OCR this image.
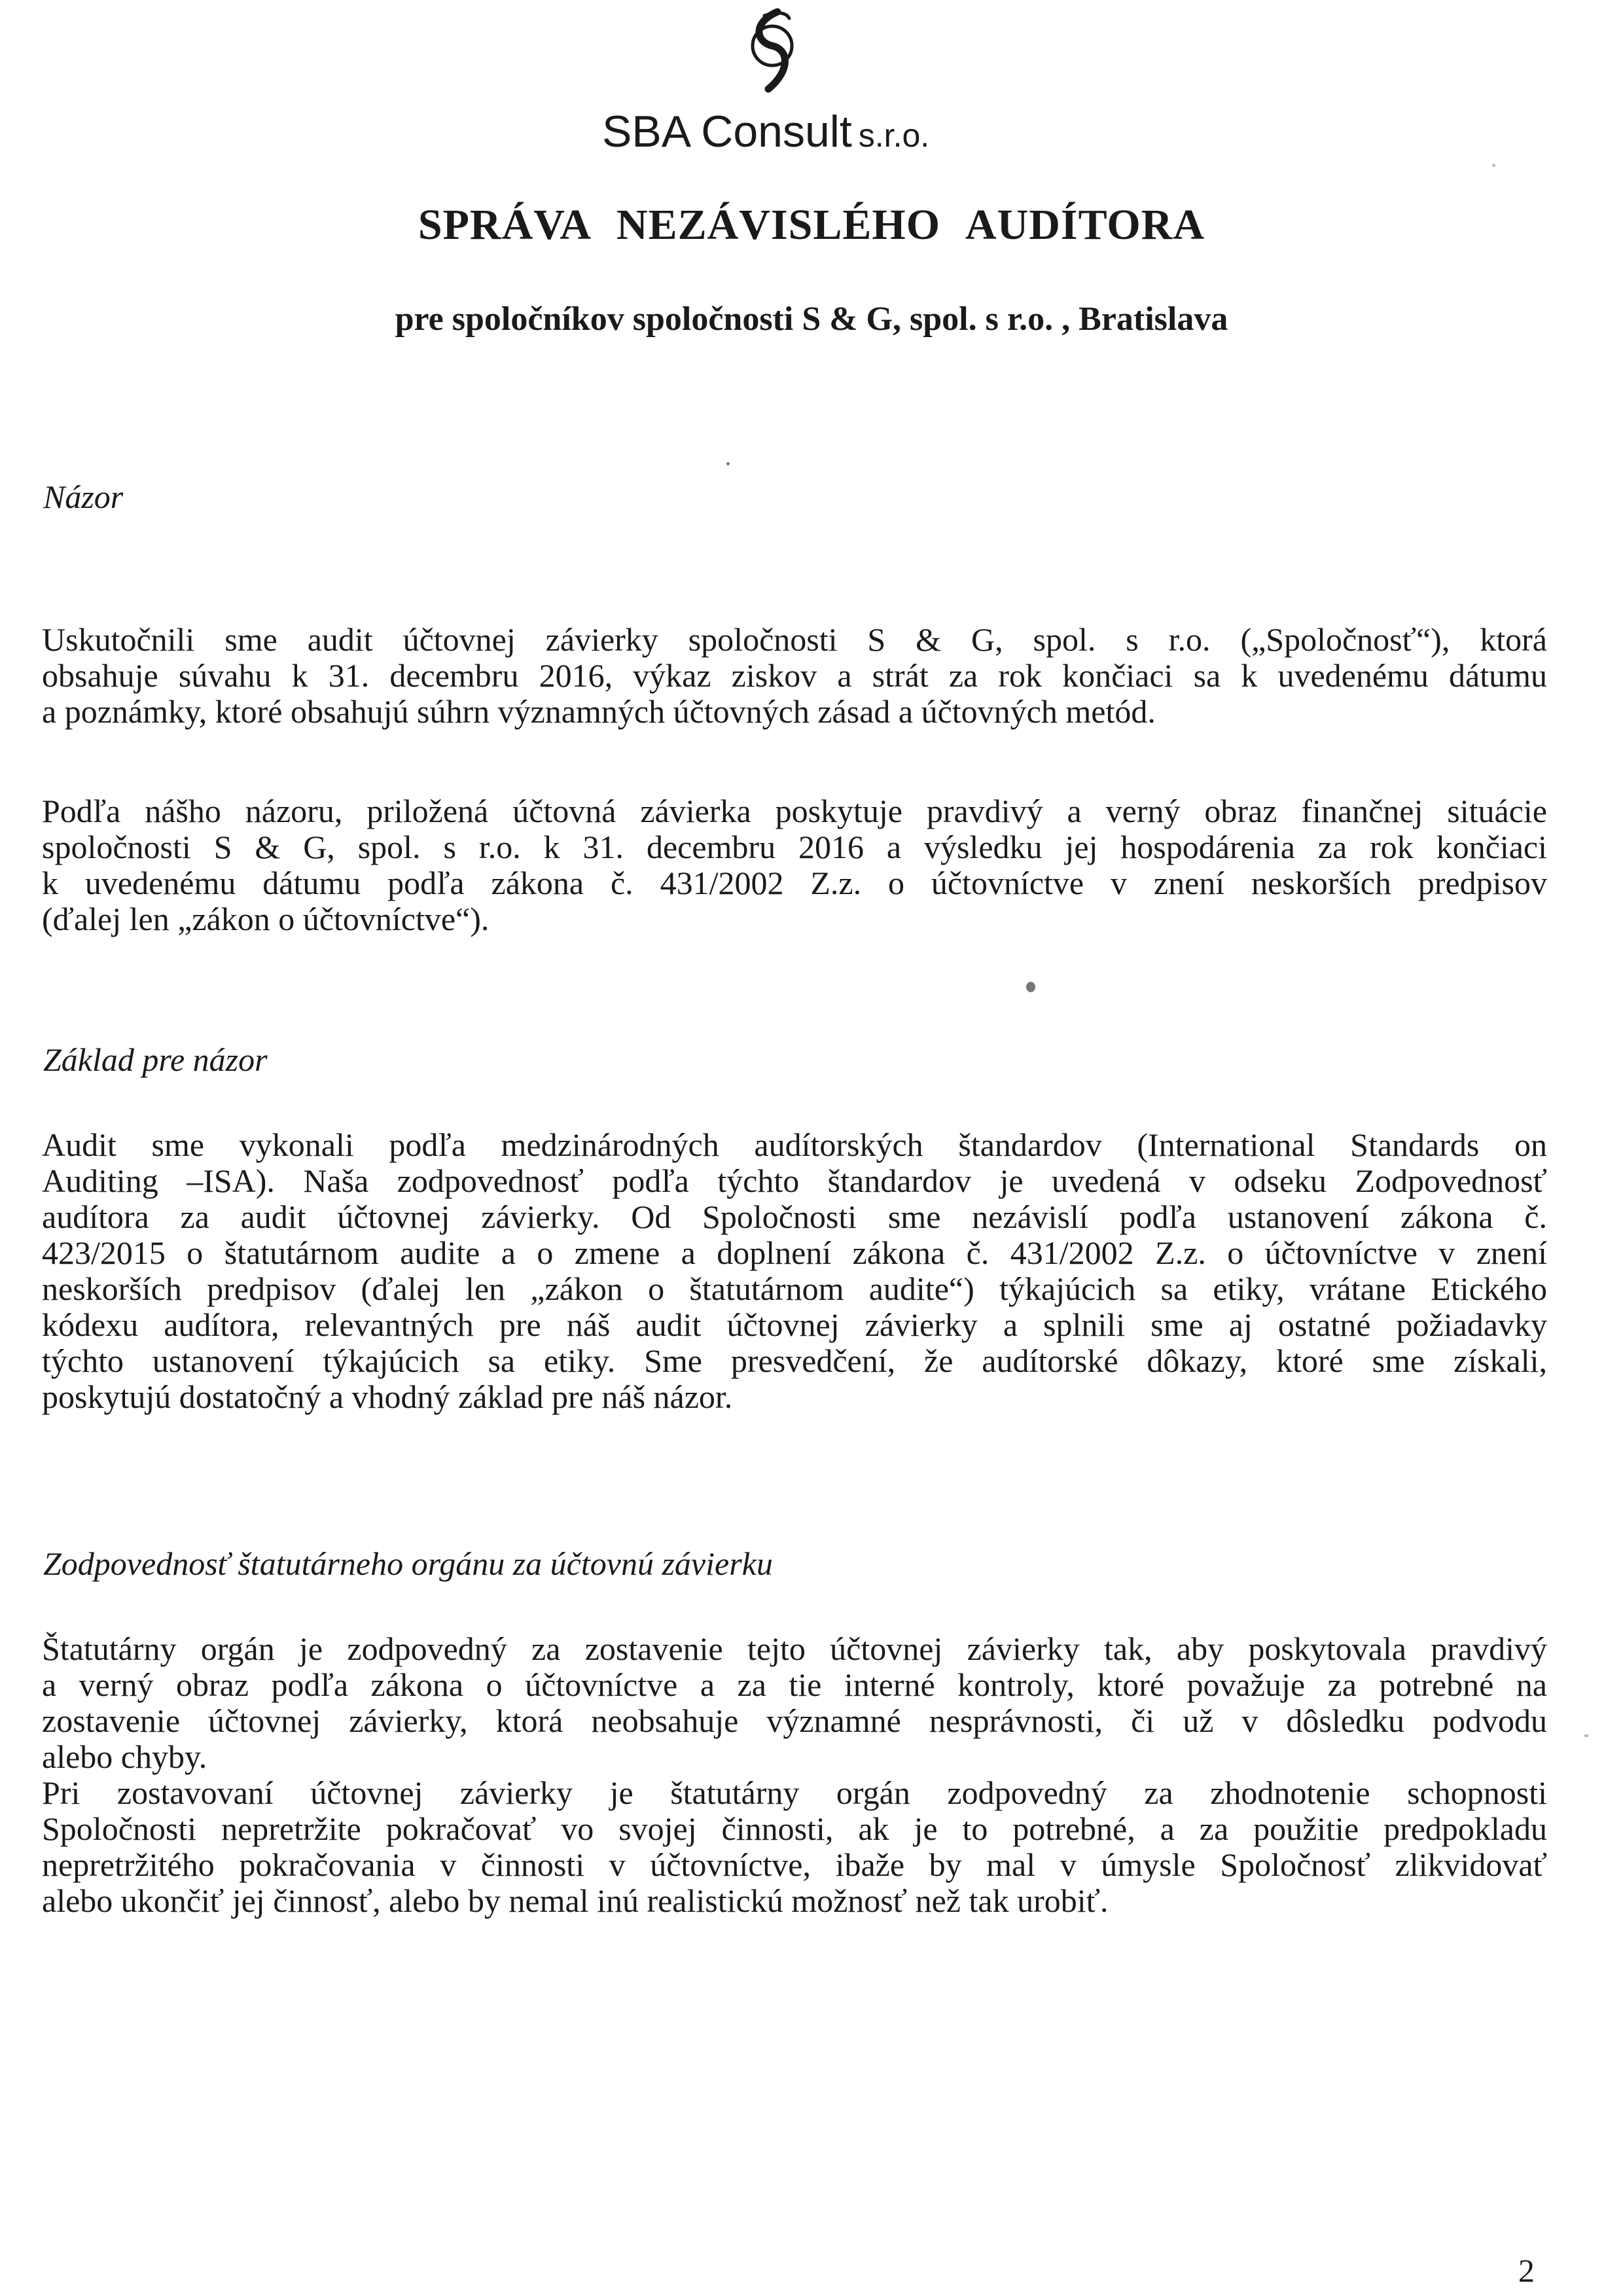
SBA Consult s.r.o.
SPRÁVA NEZÁVISLÉHO AUDÍTORA
pre spoločníkov spoločnosti S & G, spol. s r.o. , Bratislava
Názor
Uskutočnili sme audit účtovnej závierky spoločnosti S & G, spol. s r.o. („Spoločnosť“), ktorá
obsahuje súvahu k 31. decembru 2016, výkaz ziskov a strát za rok končiaci sa k uvedenému dátumu
a poznámky, ktoré obsahujú súhrn významných účtovných zásad a účtovných metód.
Podľa nášho názoru, priložená účtovná závierka poskytuje pravdivý a verný obraz finančnej situácie
spoločnosti S & G, spol. s r.o. k 31. decembru 2016 a výsledku jej hospodárenia za rok končiaci
k uvedenému dátumu podľa zákona č. 431/2002 Z.z. o účtovníctve v znení neskorších predpisov
(ďalej len „zákon o účtovníctve“).
Základ pre názor
Audit sme vykonali podľa medzinárodných audítorských štandardov (International Standards on
Auditing –ISA). Naša zodpovednosť podľa týchto štandardov je uvedená v odseku Zodpovednosť
audítora za audit účtovnej závierky. Od Spoločnosti sme nezávislí podľa ustanovení zákona č.
423/2015 o štatutárnom audite a o zmene a doplnení zákona č. 431/2002 Z.z. o účtovníctve v znení
neskorších predpisov (ďalej len „zákon o štatutárnom audite“) týkajúcich sa etiky, vrátane Etického
kódexu audítora, relevantných pre náš audit účtovnej závierky a splnili sme aj ostatné požiadavky
týchto ustanovení týkajúcich sa etiky. Sme presvedčení, že audítorské dôkazy, ktoré sme získali,
poskytujú dostatočný a vhodný základ pre náš názor.
Zodpovednosť štatutárneho orgánu za účtovnú závierku
Štatutárny orgán je zodpovedný za zostavenie tejto účtovnej závierky tak, aby poskytovala pravdivý
a verný obraz podľa zákona o účtovníctve a za tie interné kontroly, ktoré považuje za potrebné na
zostavenie účtovnej závierky, ktorá neobsahuje významné nesprávnosti, či už v dôsledku podvodu
alebo chyby.
Pri zostavovaní účtovnej závierky je štatutárny orgán zodpovedný za zhodnotenie schopnosti
Spoločnosti nepretržite pokračovať vo svojej činnosti, ak je to potrebné, a za použitie predpokladu
nepretržitého pokračovania v činnosti v účtovníctve, ibaže by mal v úmysle Spoločnosť zlikvidovať
alebo ukončiť jej činnosť, alebo by nemal inú realistickú možnosť než tak urobiť.
2
